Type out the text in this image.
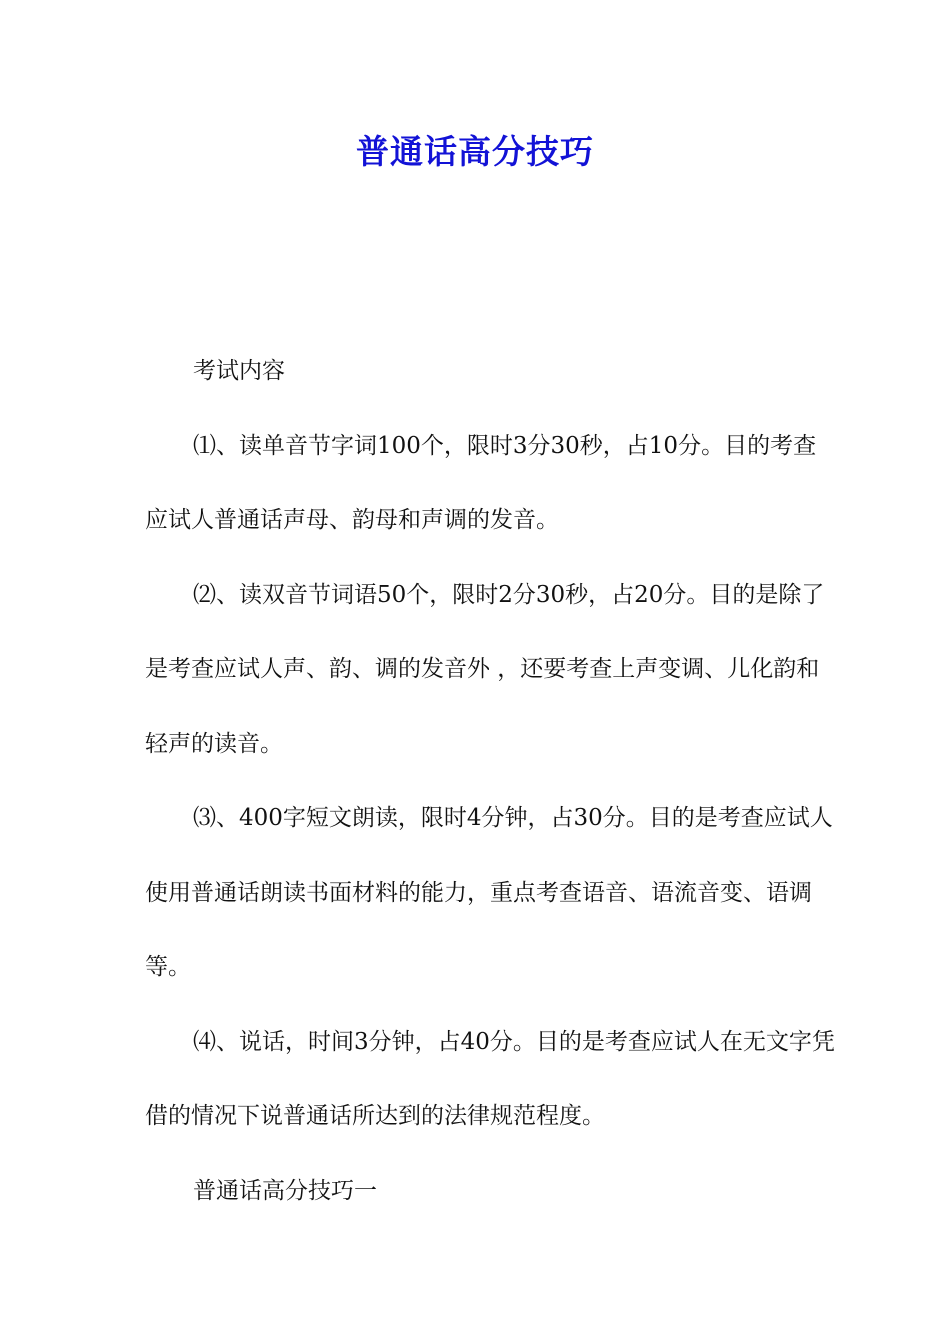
普通话高分技巧

考试内容

⑴、读单音节字词100个，限时3分30秒，占10分。目的考查应试人普通话声母、韵母和声调的发音。

⑵、读双音节词语50个，限时2分30秒，占20分。目的是除了是考查应试人声、韵、调的发音外 ，还要考查上声变调、儿化韵和轻声的读音。

⑶、400字短文朗读，限时4分钟，占30分。目的是考查应试人使用普通话朗读书面材料的能力，重点考查语音、语流音变、语调等。

⑷、说话，时间3分钟，占40分。目的是考查应试人在无文字凭借的情况下说普通话所达到的法律规范程度。

普通话高分技巧一
